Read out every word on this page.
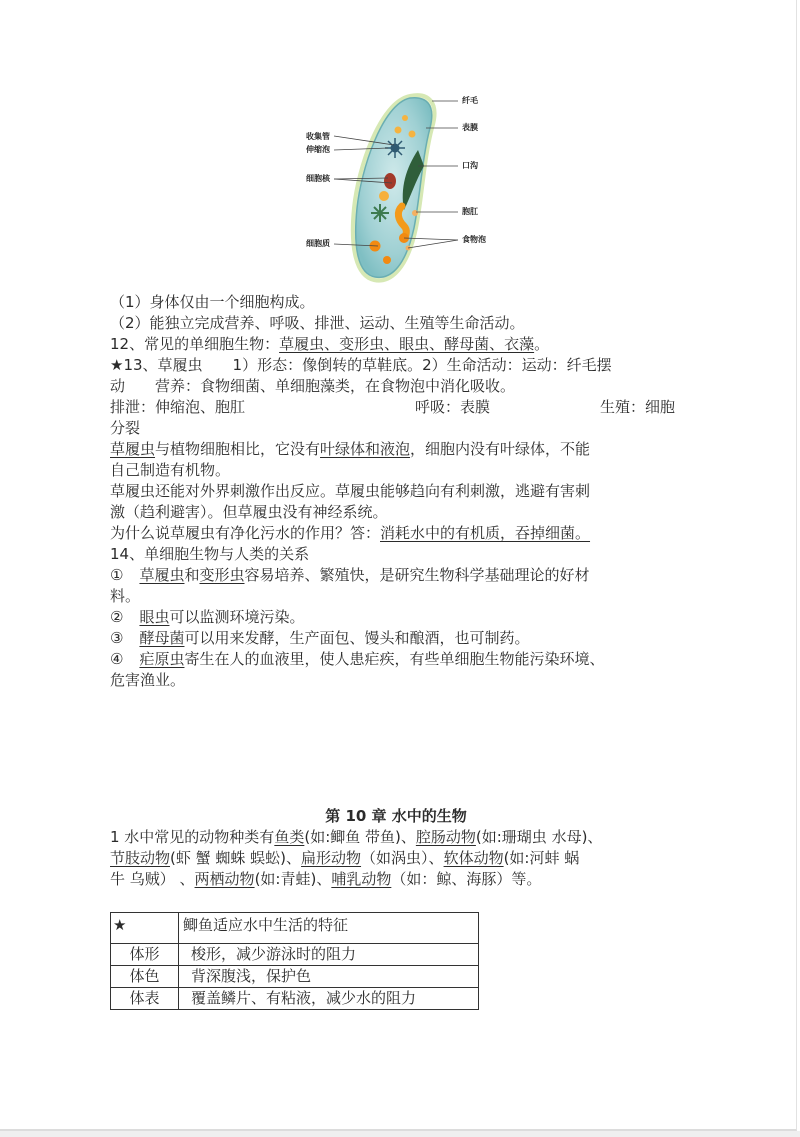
收集管
伸缩泡
细胞核
细胞质
纤毛
表膜
口沟
胞肛
食物泡
（1）身体仅由一个细胞构成。
（2）能独立完成营养、呼吸、排泄、运动、生殖等生命活动。
12、常见的单细胞生物：草履虫、变形虫、眼虫、酵母菌、衣藻。
★13、草履虫 1）形态：像倒转的草鞋底。2）生命活动：运动：纤毛摆
动 营养：食物细菌、单细胞藻类，在食物泡中消化吸收。
排泄：伸缩泡、胞肛	呼吸：表膜	生殖：细胞
分裂
草履虫与植物细胞相比，它没有叶绿体和液泡，细胞内没有叶绿体，不能
自己制造有机物。
草履虫还能对外界刺激作出反应。草履虫能够趋向有利刺激，逃避有害刺
激（趋利避害）。但草履虫没有神经系统。
为什么说草履虫有净化污水的作用？答：消耗水中的有机质，吞掉细菌。
14、单细胞生物与人类的关系
① 草履虫和变形虫容易培养、繁殖快，是研究生物科学基础理论的好材
料。
② 眼虫可以监测环境污染。
③ 酵母菌可以用来发酵，生产面包、馒头和酿酒，也可制药。
④ 疟原虫寄生在人的血液里，使人患疟疾，有些单细胞生物能污染环境、
危害渔业。
vv99.net
第 10 章 水中的生物
1 水中常见的动物种类有鱼类(如:鲫鱼 带鱼)、腔肠动物(如:珊瑚虫 水母)、
节肢动物(虾 蟹 蜘蛛 蜈蚣)、扁形动物（如涡虫）、软体动物(如:河蚌 蜗
牛 乌贼） 、两栖动物(如:青蛙)、哺乳动物（如：鲸、海豚）等。
★	鲫鱼适应水中生活的特征
体形	梭形，减少游泳时的阻力
体色	背深腹浅，保护色
体表	覆盖鳞片、有粘液，减少水的阻力
